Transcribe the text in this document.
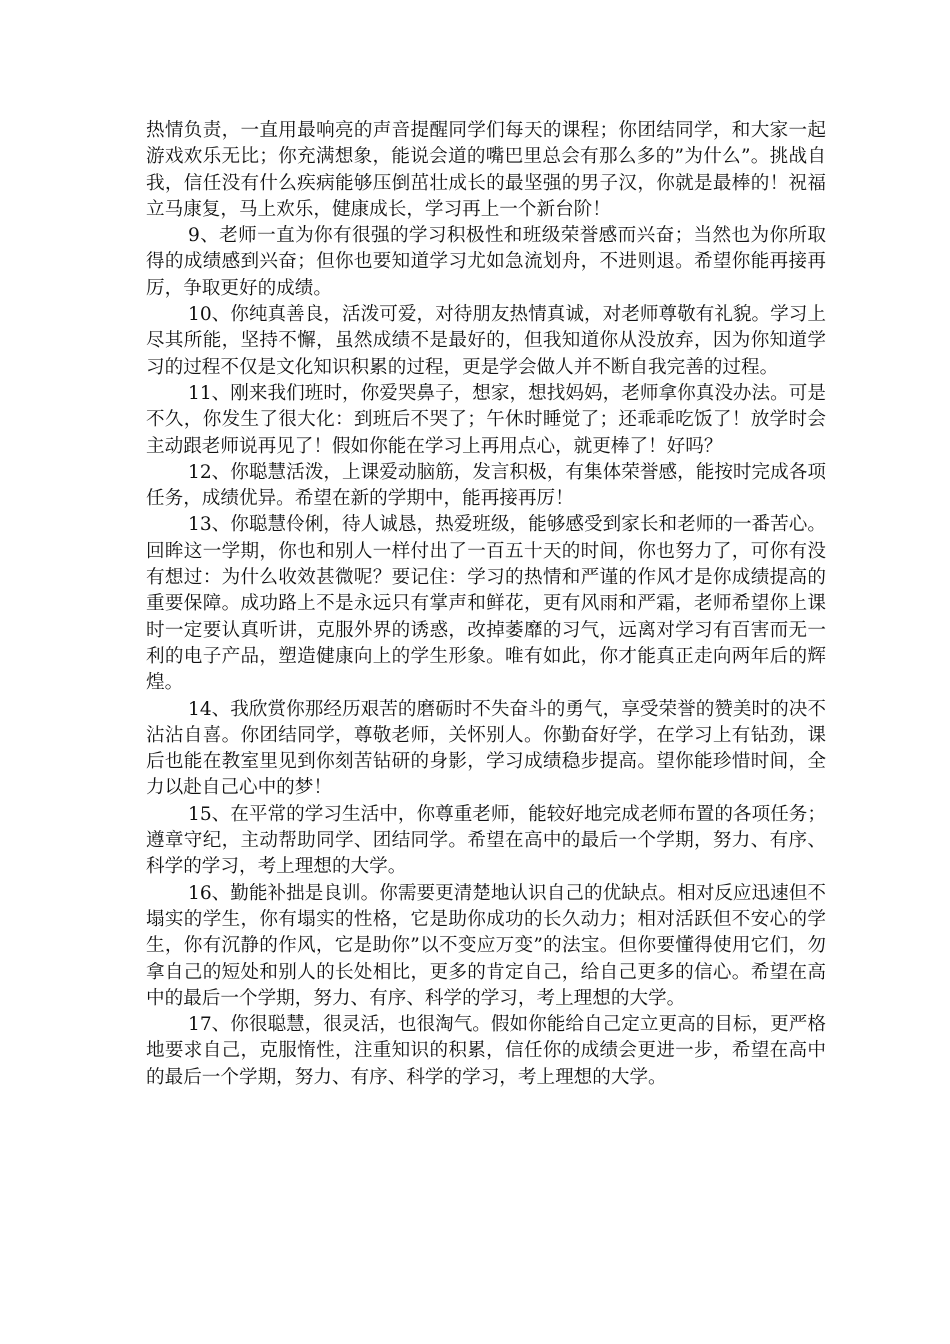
热情负责，一直用最响亮的声音提醒同学们每天的课程；你团结同学，和大家一起游戏欢乐无比；你充满想象，能说会道的嘴巴里总会有那么多的”为什么”。挑战自我，信任没有什么疾病能够压倒茁壮成长的最坚强的男子汉，你就是最棒的！祝福立马康复，马上欢乐，健康成长，学习再上一个新台阶！

9、老师一直为你有很强的学习积极性和班级荣誉感而兴奋；当然也为你所取得的成绩感到兴奋；但你也要知道学习尤如急流划舟，不进则退。希望你能再接再厉，争取更好的成绩。

10、你纯真善良，活泼可爱，对待朋友热情真诚，对老师尊敬有礼貌。学习上尽其所能，坚持不懈，虽然成绩不是最好的，但我知道你从没放弃，因为你知道学习的过程不仅是文化知识积累的过程，更是学会做人并不断自我完善的过程。

11、刚来我们班时，你爱哭鼻子，想家，想找妈妈，老师拿你真没办法。可是不久，你发生了很大化：到班后不哭了；午休时睡觉了；还乖乖吃饭了！放学时会主动跟老师说再见了！假如你能在学习上再用点心，就更棒了！好吗？

12、你聪慧活泼，上课爱动脑筋，发言积极，有集体荣誉感，能按时完成各项任务，成绩优异。希望在新的学期中，能再接再厉！

13、你聪慧伶俐，待人诚恳，热爱班级，能够感受到家长和老师的一番苦心。回眸这一学期，你也和别人一样付出了一百五十天的时间，你也努力了，可你有没有想过：为什么收效甚微呢？要记住：学习的热情和严谨的作风才是你成绩提高的重要保障。成功路上不是永远只有掌声和鲜花，更有风雨和严霜，老师希望你上课时一定要认真听讲，克服外界的诱惑，改掉萎靡的习气，远离对学习有百害而无一利的电子产品，塑造健康向上的学生形象。唯有如此，你才能真正走向两年后的辉煌。

14、我欣赏你那经历艰苦的磨砺时不失奋斗的勇气，享受荣誉的赞美时的决不沾沾自喜。你团结同学，尊敬老师，关怀别人。你勤奋好学，在学习上有钻劲，课后也能在教室里见到你刻苦钻研的身影，学习成绩稳步提高。望你能珍惜时间，全力以赴自己心中的梦！

15、在平常的学习生活中，你尊重老师，能较好地完成老师布置的各项任务；遵章守纪，主动帮助同学、团结同学。希望在高中的最后一个学期，努力、有序、科学的学习，考上理想的大学。

16、勤能补拙是良训。你需要更清楚地认识自己的优缺点。相对反应迅速但不塌实的学生，你有塌实的性格，它是助你成功的长久动力；相对活跃但不安心的学生，你有沉静的作风，它是助你”以不变应万变”的法宝。但你要懂得使用它们，勿拿自己的短处和别人的长处相比，更多的肯定自己，给自己更多的信心。希望在高中的最后一个学期，努力、有序、科学的学习，考上理想的大学。

17、你很聪慧，很灵活，也很淘气。假如你能给自己定立更高的目标，更严格地要求自己，克服惰性，注重知识的积累，信任你的成绩会更进一步，希望在高中的最后一个学期，努力、有序、科学的学习，考上理想的大学。
